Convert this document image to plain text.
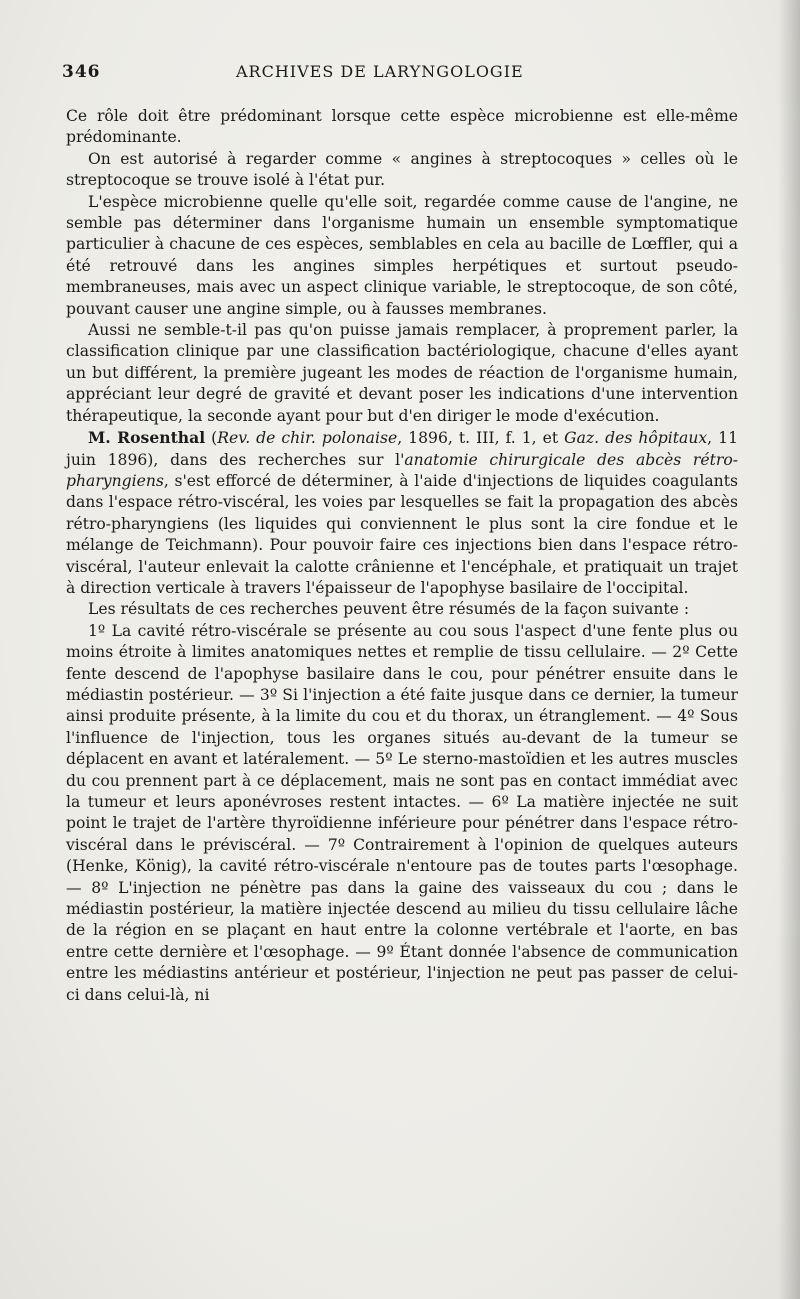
346	ARCHIVES DE LARYNGOLOGIE

Ce rôle doit être prédominant lorsque cette espèce microbienne est elle-même prédominante.

On est autorisé à regarder comme « angines à streptocoques » celles où le streptocoque se trouve isolé à l'état pur.

L'espèce microbienne quelle qu'elle soit, regardée comme cause de l'angine, ne semble pas déterminer dans l'organisme humain un ensemble symptomatique particulier à chacune de ces espèces, semblables en cela au bacille de Lœffler, qui a été retrouvé dans les angines simples herpétiques et surtout pseudo-membraneuses, mais avec un aspect clinique variable, le streptocoque, de son côté, pouvant causer une angine simple, ou à fausses membranes.

Aussi ne semble-t-il pas qu'on puisse jamais remplacer, à proprement parler, la classification clinique par une classification bactériologique, chacune d'elles ayant un but différent, la première jugeant les modes de réaction de l'organisme humain, appréciant leur degré de gravité et devant poser les indications d'une intervention thérapeutique, la seconde ayant pour but d'en diriger le mode d'exécution.

M. Rosenthal (Rev. de chir. polonaise, 1896, t. III, f. 1, et Gaz. des hôpitaux, 11 juin 1896), dans des recherches sur l'anatomie chirurgicale des abcès rétro-pharyngiens, s'est efforcé de déterminer, à l'aide d'injections de liquides coagulants dans l'espace rétro-viscéral, les voies par lesquelles se fait la propagation des abcès rétro-pharyngiens (les liquides qui conviennent le plus sont la cire fondue et le mélange de Teichmann). Pour pouvoir faire ces injections bien dans l'espace rétro-viscéral, l'auteur enlevait la calotte crânienne et l'encéphale, et pratiquait un trajet à direction verticale à travers l'épaisseur de l'apophyse basilaire de l'occipital.

Les résultats de ces recherches peuvent être résumés de la façon suivante :

1º La cavité rétro-viscérale se présente au cou sous l'aspect d'une fente plus ou moins étroite à limites anatomiques nettes et remplie de tissu cellulaire. — 2º Cette fente descend de l'apophyse basilaire dans le cou, pour pénétrer ensuite dans le médiastin postérieur. — 3º Si l'injection a été faite jusque dans ce dernier, la tumeur ainsi produite présente, à la limite du cou et du thorax, un étranglement. — 4º Sous l'influence de l'injection, tous les organes situés au-devant de la tumeur se déplacent en avant et latéralement. — 5º Le sterno-mastoïdien et les autres muscles du cou prennent part à ce déplacement, mais ne sont pas en contact immédiat avec la tumeur et leurs aponévroses restent intactes. — 6º La matière injectée ne suit point le trajet de l'artère thyroïdienne inférieure pour pénétrer dans l'espace rétro-viscéral dans le préviscéral. — 7º Contrairement à l'opinion de quelques auteurs (Henke, König), la cavité rétro-viscérale n'entoure pas de toutes parts l'œsophage. — 8º L'injection ne pénètre pas dans la gaine des vaisseaux du cou ; dans le médiastin postérieur, la matière injectée descend au milieu du tissu cellulaire lâche de la région en se plaçant en haut entre la colonne vertébrale et l'aorte, en bas entre cette dernière et l'œsophage. — 9º Étant donnée l'absence de communication entre les médiastins antérieur et postérieur, l'injection ne peut pas passer de celui-ci dans celui-là, ni
